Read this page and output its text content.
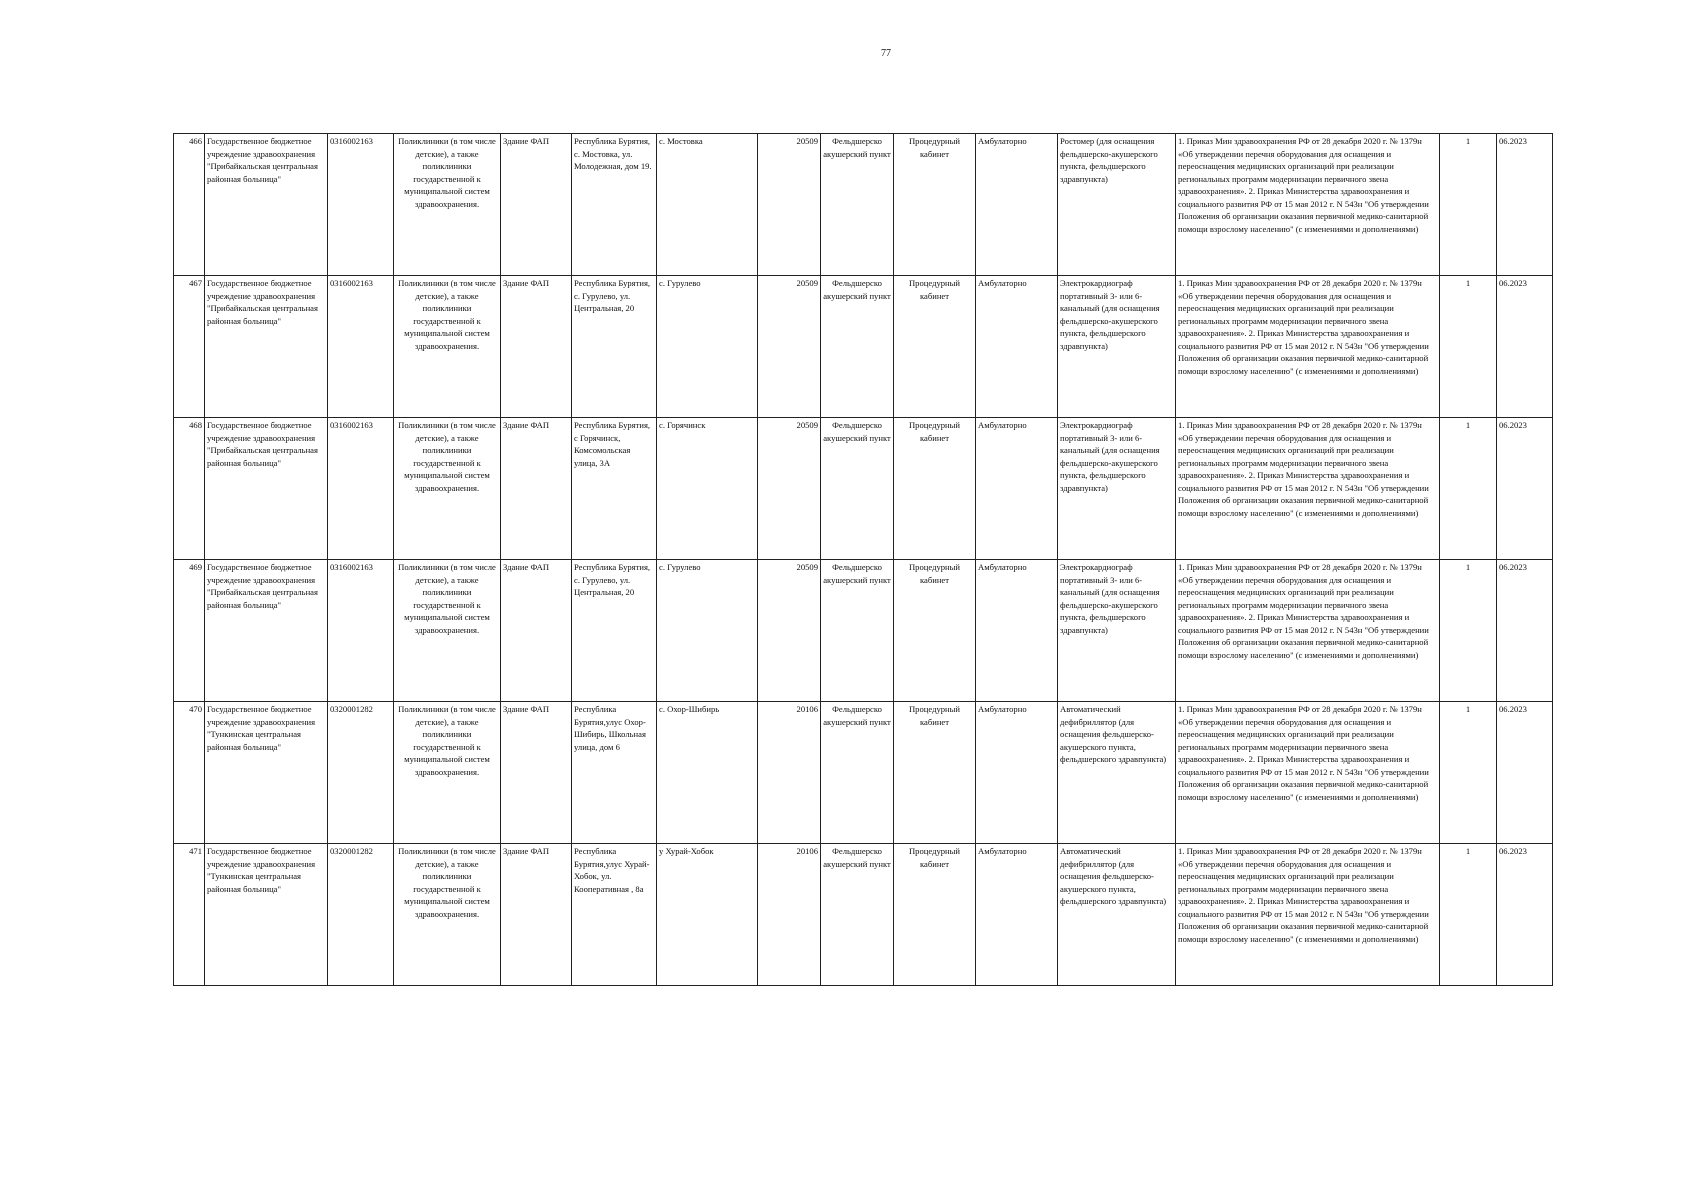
77
466	Государственное бюджетное учреждение здравоохранения "Прибайкальская центральная районная больница"	0316002163	Поликлиники (в том числе детские), а также поликлиники государственной к муниципальной систем здравоохранения.	Здание ФАП	Республика Бурятия, с. Мостовка, ул. Молодежная, дом 19.	с. Мостовка	20509	Фельдшерско акушерский пункт	Процедурный кабинет	Амбулаторно	Ростомер (для оснащения фельдшерско-акушерского пункта, фельдшерского здравпункта)	1. Приказ Мин здравоохранения РФ от 28 декабря 2020 г. № 1379н «Об утверждении перечня оборудования для оснащения и переоснащения медицинских организаций при реализации региональных программ модернизации первичного звена здравоохранения». 2. Приказ Министерства здравоохранения и социального развития РФ от 15 мая 2012 г. N 543н "Об утверждении Положения об организации оказания первичной медико-санитарной помощи взрослому населению" (с изменениями и дополнениями)	1	06.2023
467	Государственное бюджетное учреждение здравоохранения "Прибайкальская центральная районная больница"	0316002163	Поликлиники (в том числе детские), а также поликлиники государственной к муниципальной систем здравоохранения.	Здание ФАП	Республика Бурятия, с. Гурулево, ул. Центральная, 20	с. Гурулево	20509	Фельдшерско акушерский пункт	Процедурный кабинет	Амбулаторно	Электрокардиограф портативный 3- или 6-канальный (для оснащения фельдшерско-акушерского пункта, фельдшерского здравпункта)	1. Приказ Мин здравоохранения РФ от 28 декабря 2020 г. № 1379н «Об утверждении перечня оборудования для оснащения и переоснащения медицинских организаций при реализации региональных программ модернизации первичного звена здравоохранения». 2. Приказ Министерства здравоохранения и социального развития РФ от 15 мая 2012 г. N 543н "Об утверждении Положения об организации оказания первичной медико-санитарной помощи взрослому населению" (с изменениями и дополнениями)	1	06.2023
468	Государственное бюджетное учреждение здравоохранения "Прибайкальская центральная районная больница"	0316002163	Поликлиники (в том числе детские), а также поликлиники государственной к муниципальной систем здравоохранения.	Здание ФАП	Республика Бурятия, с Горячинск, Комсомольская улица, 3А	с. Горячинск	20509	Фельдшерско акушерский пункт	Процедурный кабинет	Амбулаторно	Электрокардиограф портативный 3- или 6-канальный (для оснащения фельдшерско-акушерского пункта, фельдшерского здравпункта)	1. Приказ Мин здравоохранения РФ от 28 декабря 2020 г. № 1379н «Об утверждении перечня оборудования для оснащения и переоснащения медицинских организаций при реализации региональных программ модернизации первичного звена здравоохранения». 2. Приказ Министерства здравоохранения и социального развития РФ от 15 мая 2012 г. N 543н "Об утверждении Положения об организации оказания первичной медико-санитарной помощи взрослому населению" (с изменениями и дополнениями)	1	06.2023
469	Государственное бюджетное учреждение здравоохранения "Прибайкальская центральная районная больница"	0316002163	Поликлиники (в том числе детские), а также поликлиники государственной к муниципальной систем здравоохранения.	Здание ФАП	Республика Бурятия, с. Гурулево, ул. Центральная, 20	с. Гурулево	20509	Фельдшерско акушерский пункт	Процедурный кабинет	Амбулаторно	Электрокардиограф портативный 3- или 6-канальный (для оснащения фельдшерско-акушерского пункта, фельдшерского здравпункта)	1. Приказ Мин здравоохранения РФ от 28 декабря 2020 г. № 1379н «Об утверждении перечня оборудования для оснащения и переоснащения медицинских организаций при реализации региональных программ модернизации первичного звена здравоохранения». 2. Приказ Министерства здравоохранения и социального развития РФ от 15 мая 2012 г. N 543н "Об утверждении Положения об организации оказания первичной медико-санитарной помощи взрослому населению" (с изменениями и дополнениями)	1	06.2023
470	Государственное бюджетное учреждение здравоохранения "Тункинская центральная районная больница"	0320001282	Поликлиники (в том числе детские), а также поликлиники государственной к муниципальной систем здравоохранения.	Здание ФАП	Республика Бурятия,улус Охор-Шибирь, Школьная улица, дом 6	с. Охор-Шибирь	20106	Фельдшерско акушерский пункт	Процедурный кабинет	Амбулаторно	Автоматический дефибриллятор (для оснащения фельдшерско-акушерского пункта, фельдшерского здравпункта)	1. Приказ Мин здравоохранения РФ от 28 декабря 2020 г. № 1379н «Об утверждении перечня оборудования для оснащения и переоснащения медицинских организаций при реализации региональных программ модернизации первичного звена здравоохранения». 2. Приказ Министерства здравоохранения и социального развития РФ от 15 мая 2012 г. N 543н "Об утверждении Положения об организации оказания первичной медико-санитарной помощи взрослому населению" (с изменениями и дополнениями)	1	06.2023
471	Государственное бюджетное учреждение здравоохранения "Тункинская центральная районная больница"	0320001282	Поликлиники (в том числе детские), а также поликлиники государственной к муниципальной систем здравоохранения.	Здание ФАП	Республика Бурятия,улус Хурай- Хобок, ул. Кооперативная , 8а	у Хурай-Хобок	20106	Фельдшерско акушерский пункт	Процедурный кабинет	Амбулаторно	Автоматический дефибриллятор (для оснащения фельдшерско-акушерского пункта, фельдшерского здравпункта)	1. Приказ Мин здравоохранения РФ от 28 декабря 2020 г. № 1379н «Об утверждении перечня оборудования для оснащения и переоснащения медицинских организаций при реализации региональных программ модернизации первичного звена здравоохранения». 2. Приказ Министерства здравоохранения и социального развития РФ от 15 мая 2012 г. N 543н "Об утверждении Положения об организации оказания первичной медико-санитарной помощи взрослому населению" (с изменениями и дополнениями)	1	06.2023
